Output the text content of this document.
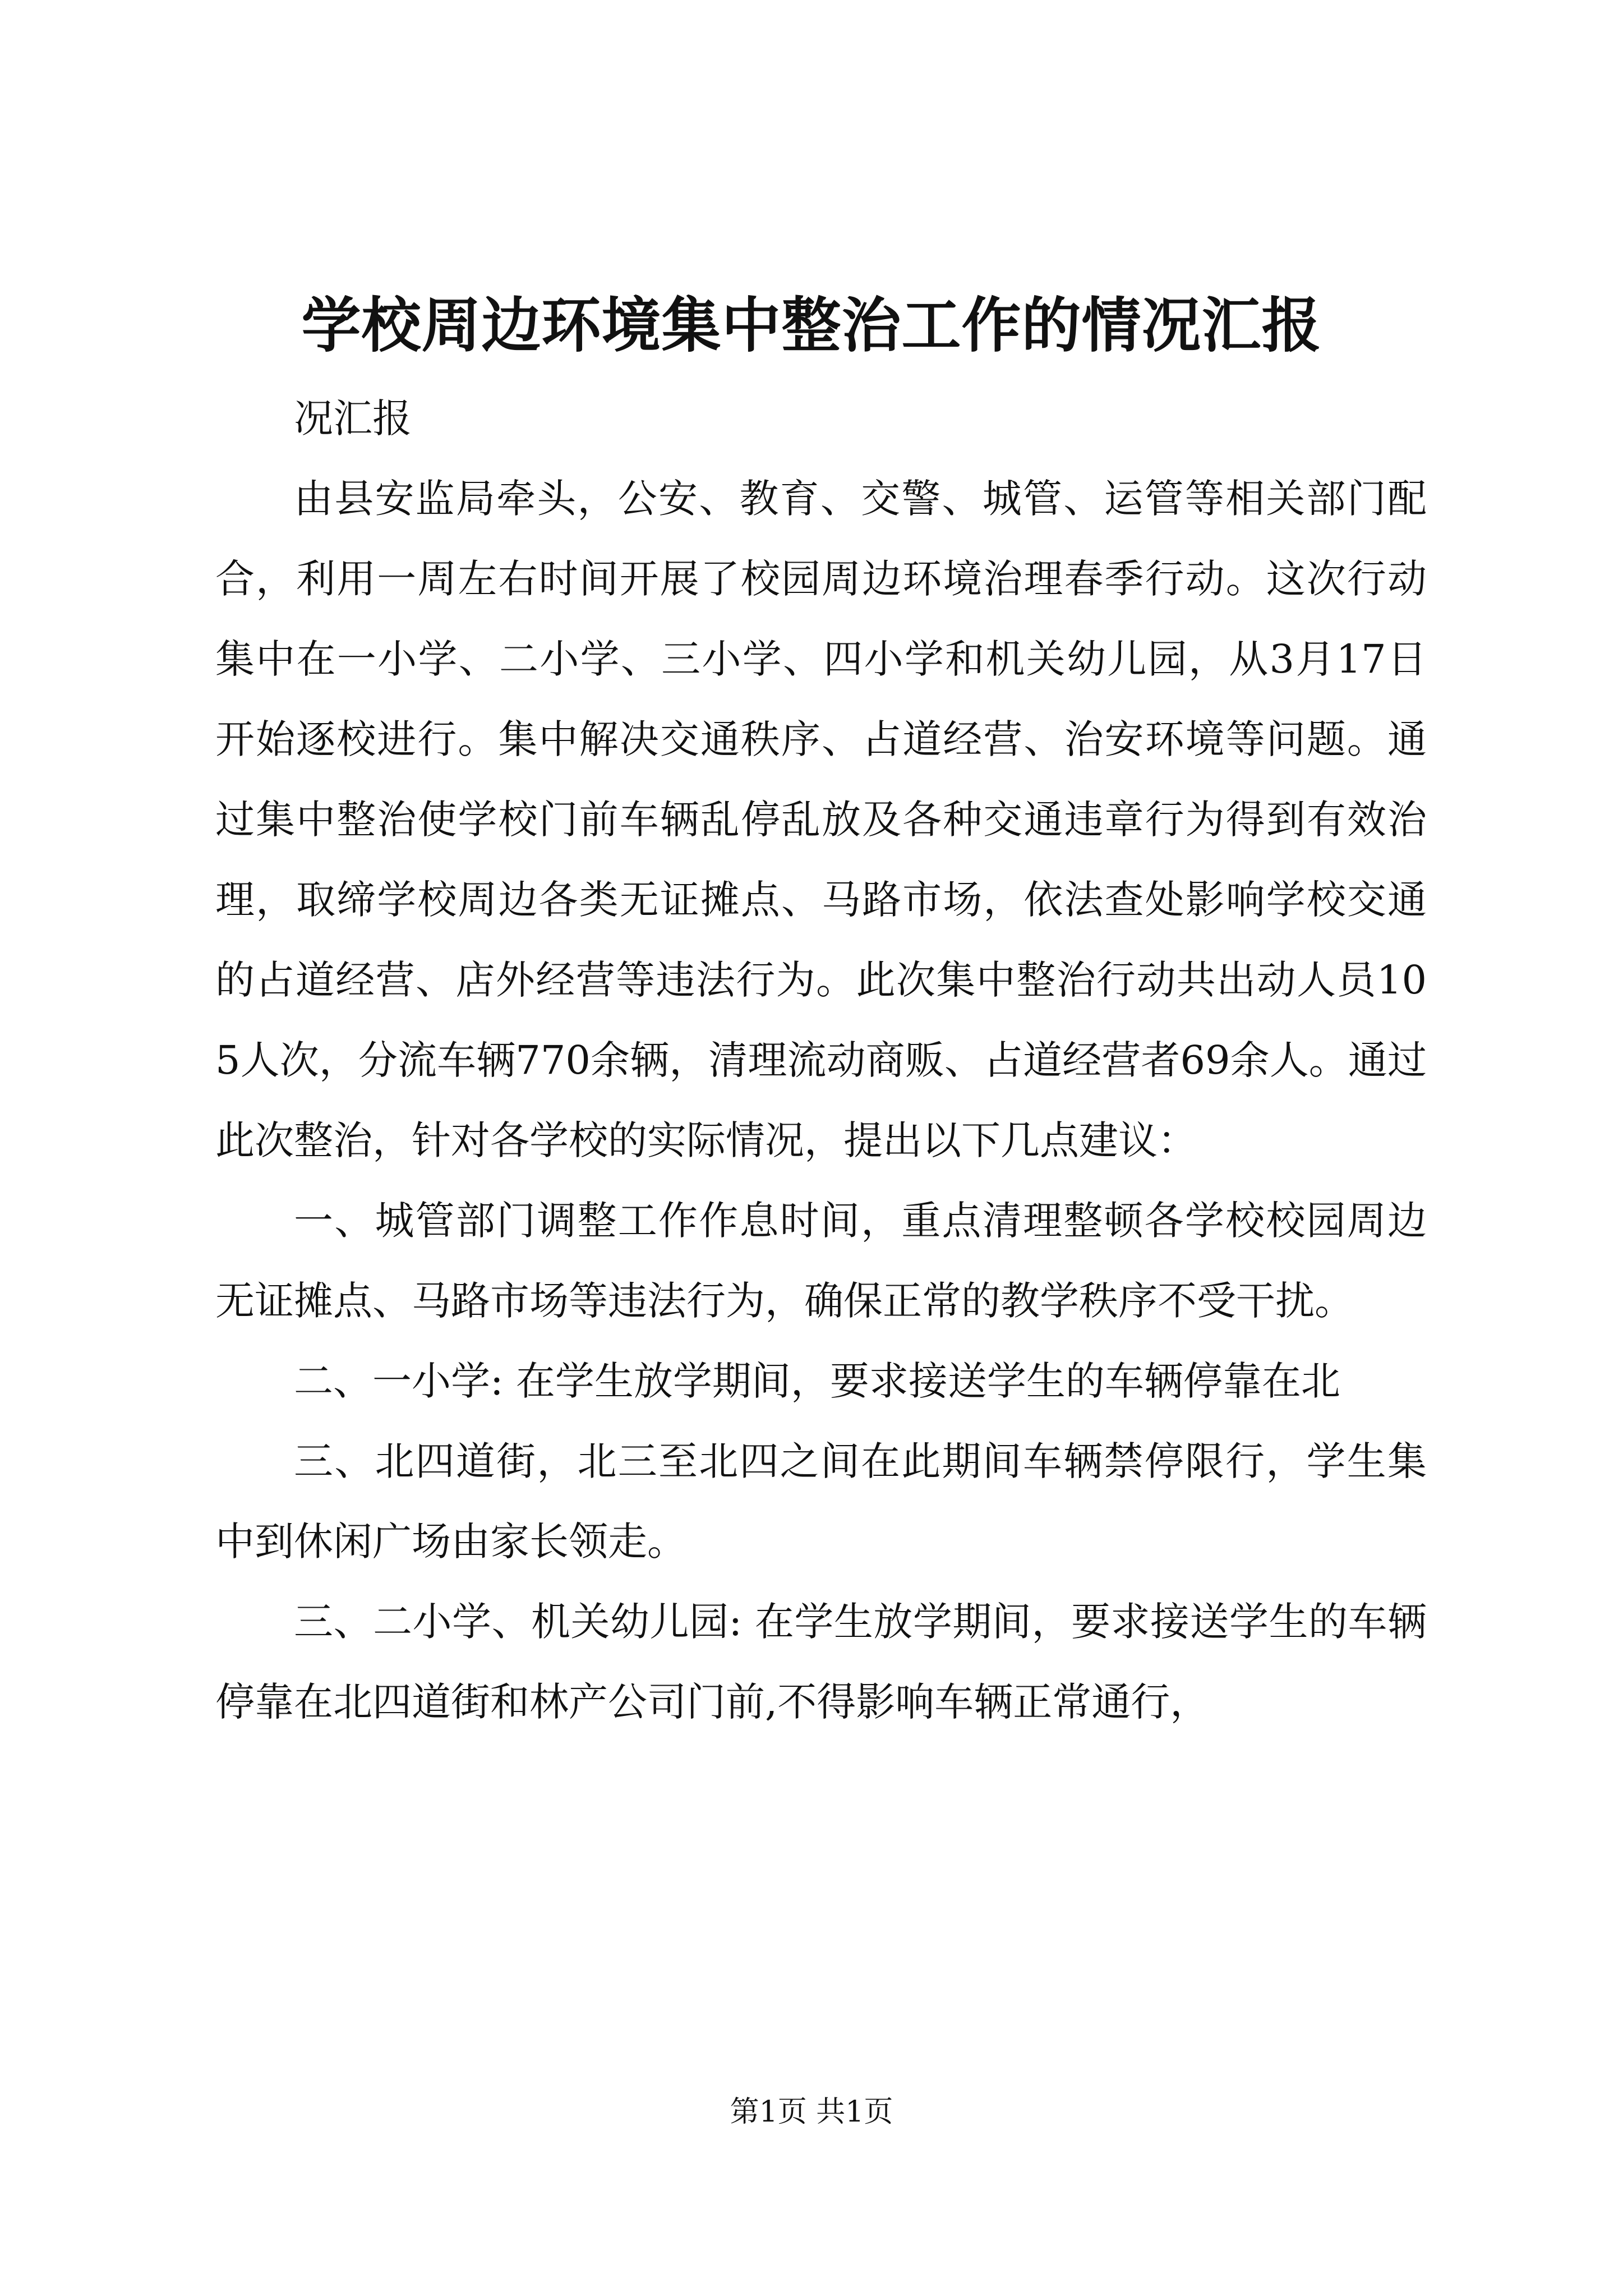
学校周边环境集中整治工作的情况汇报

况汇报

由县安监局牵头，公安、教育、交警、城管、运管等相关部门配合，利用一周左右时间开展了校园周边环境治理春季行动。这次行动集中在一小学、二小学、三小学、四小学和机关幼儿园，从3月17日开始逐校进行。集中解决交通秩序、占道经营、治安环境等问题。通过集中整治使学校门前车辆乱停乱放及各种交通违章行为得到有效治理，取缔学校周边各类无证摊点、马路市场，依法查处影响学校交通的占道经营、店外经营等违法行为。此次集中整治行动共出动人员105人次，分流车辆770余辆，清理流动商贩、占道经营者69余人。通过此次整治，针对各学校的实际情况，提出以下几点建议：

一、城管部门调整工作作息时间，重点清理整顿各学校校园周边无证摊点、马路市场等违法行为，确保正常的教学秩序不受干扰。

二、一小学: 在学生放学期间，要求接送学生的车辆停靠在北

三、北四道街，北三至北四之间在此期间车辆禁停限行，学生集中到休闲广场由家长领走。

三、二小学、机关幼儿园: 在学生放学期间，要求接送学生的车辆停靠在北四道街和林产公司门前,不得影响车辆正常通行，

第1页 共1页
